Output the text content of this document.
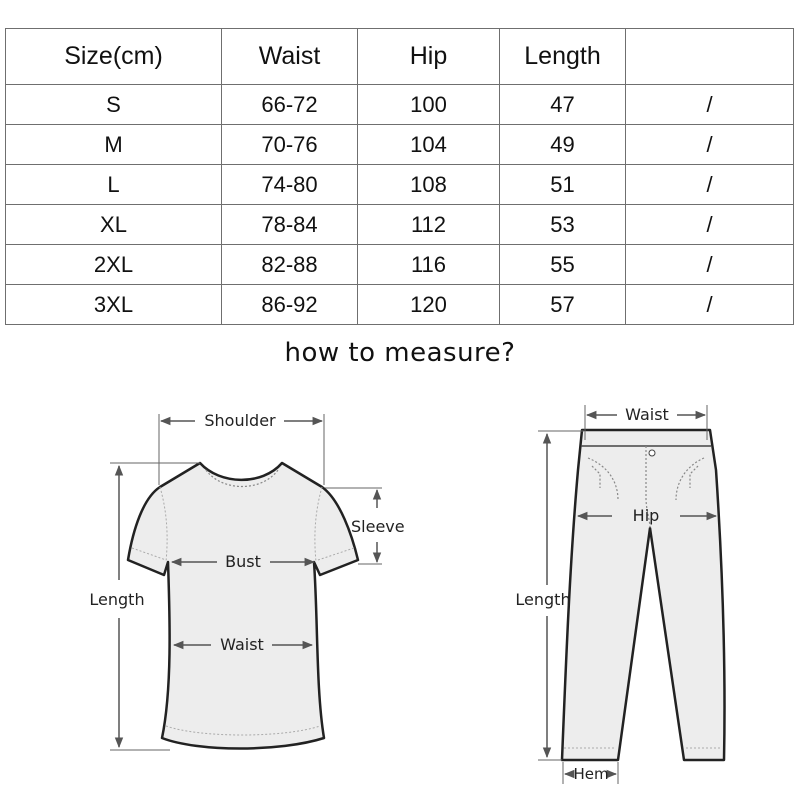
Size(cm)	Waist	Hip	Length	
S	66-72	100	47	/
M	70-76	104	49	/
L	74-80	108	51	/
XL	78-84	112	53	/
2XL	82-88	116	55	/
3XL	86-92	120	57	/
how to measure?
Shoulder
Sleeve
Bust
Length
Waist
Waist
Hip
Length
Hem
